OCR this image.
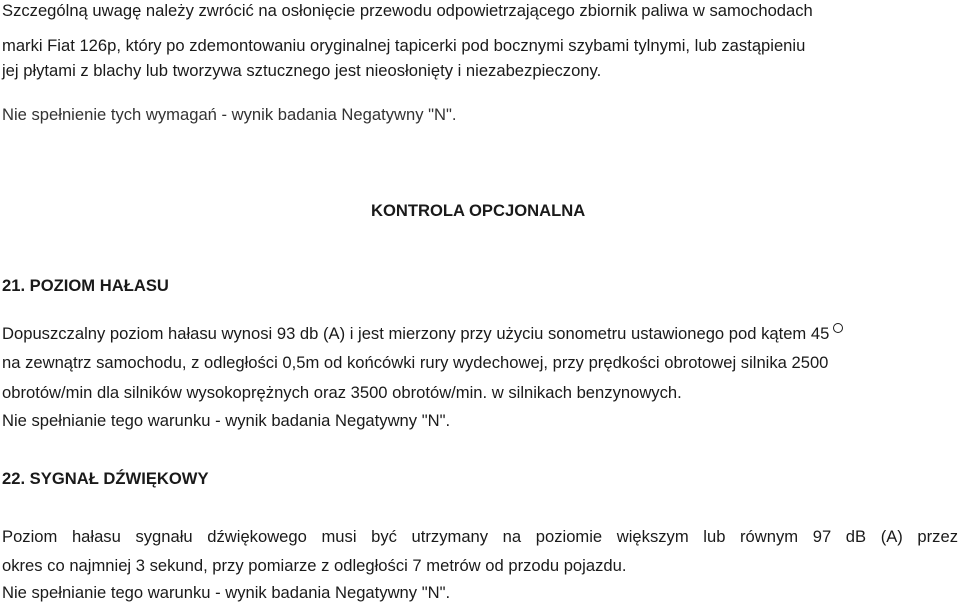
Szczególną uwagę należy zwrócić na osłonięcie przewodu odpowietrzającego zbiornik paliwa w samochodach
marki Fiat 126p, który po zdemontowaniu oryginalnej tapicerki pod bocznymi szybami tylnymi, lub zastąpieniu
jej płytami z blachy lub tworzywa sztucznego jest nieosłonięty i niezabezpieczony.
Nie spełnienie tych wymagań - wynik badania Negatywny "N".
KONTROLA OPCJONALNA
21. POZIOM HAŁASU
Dopuszczalny poziom hałasu wynosi 93 db (A) i jest mierzony przy użyciu sonometru ustawionego pod kątem 45
na zewnątrz samochodu, z odległości 0,5m od końcówki rury wydechowej, przy prędkości obrotowej silnika 2500
obrotów/min dla silników wysokoprężnych oraz 3500 obrotów/min. w silnikach benzynowych.
Nie spełnianie tego warunku - wynik badania Negatywny "N".
22. SYGNAŁ DŹWIĘKOWY
Poziom hałasu sygnału dźwiękowego musi być utrzymany na poziomie większym lub równym 97 dB (A) przez
okres co najmniej 3 sekund, przy pomiarze z odległości 7 metrów od przodu pojazdu.
Nie spełnianie tego warunku - wynik badania Negatywny "N".
